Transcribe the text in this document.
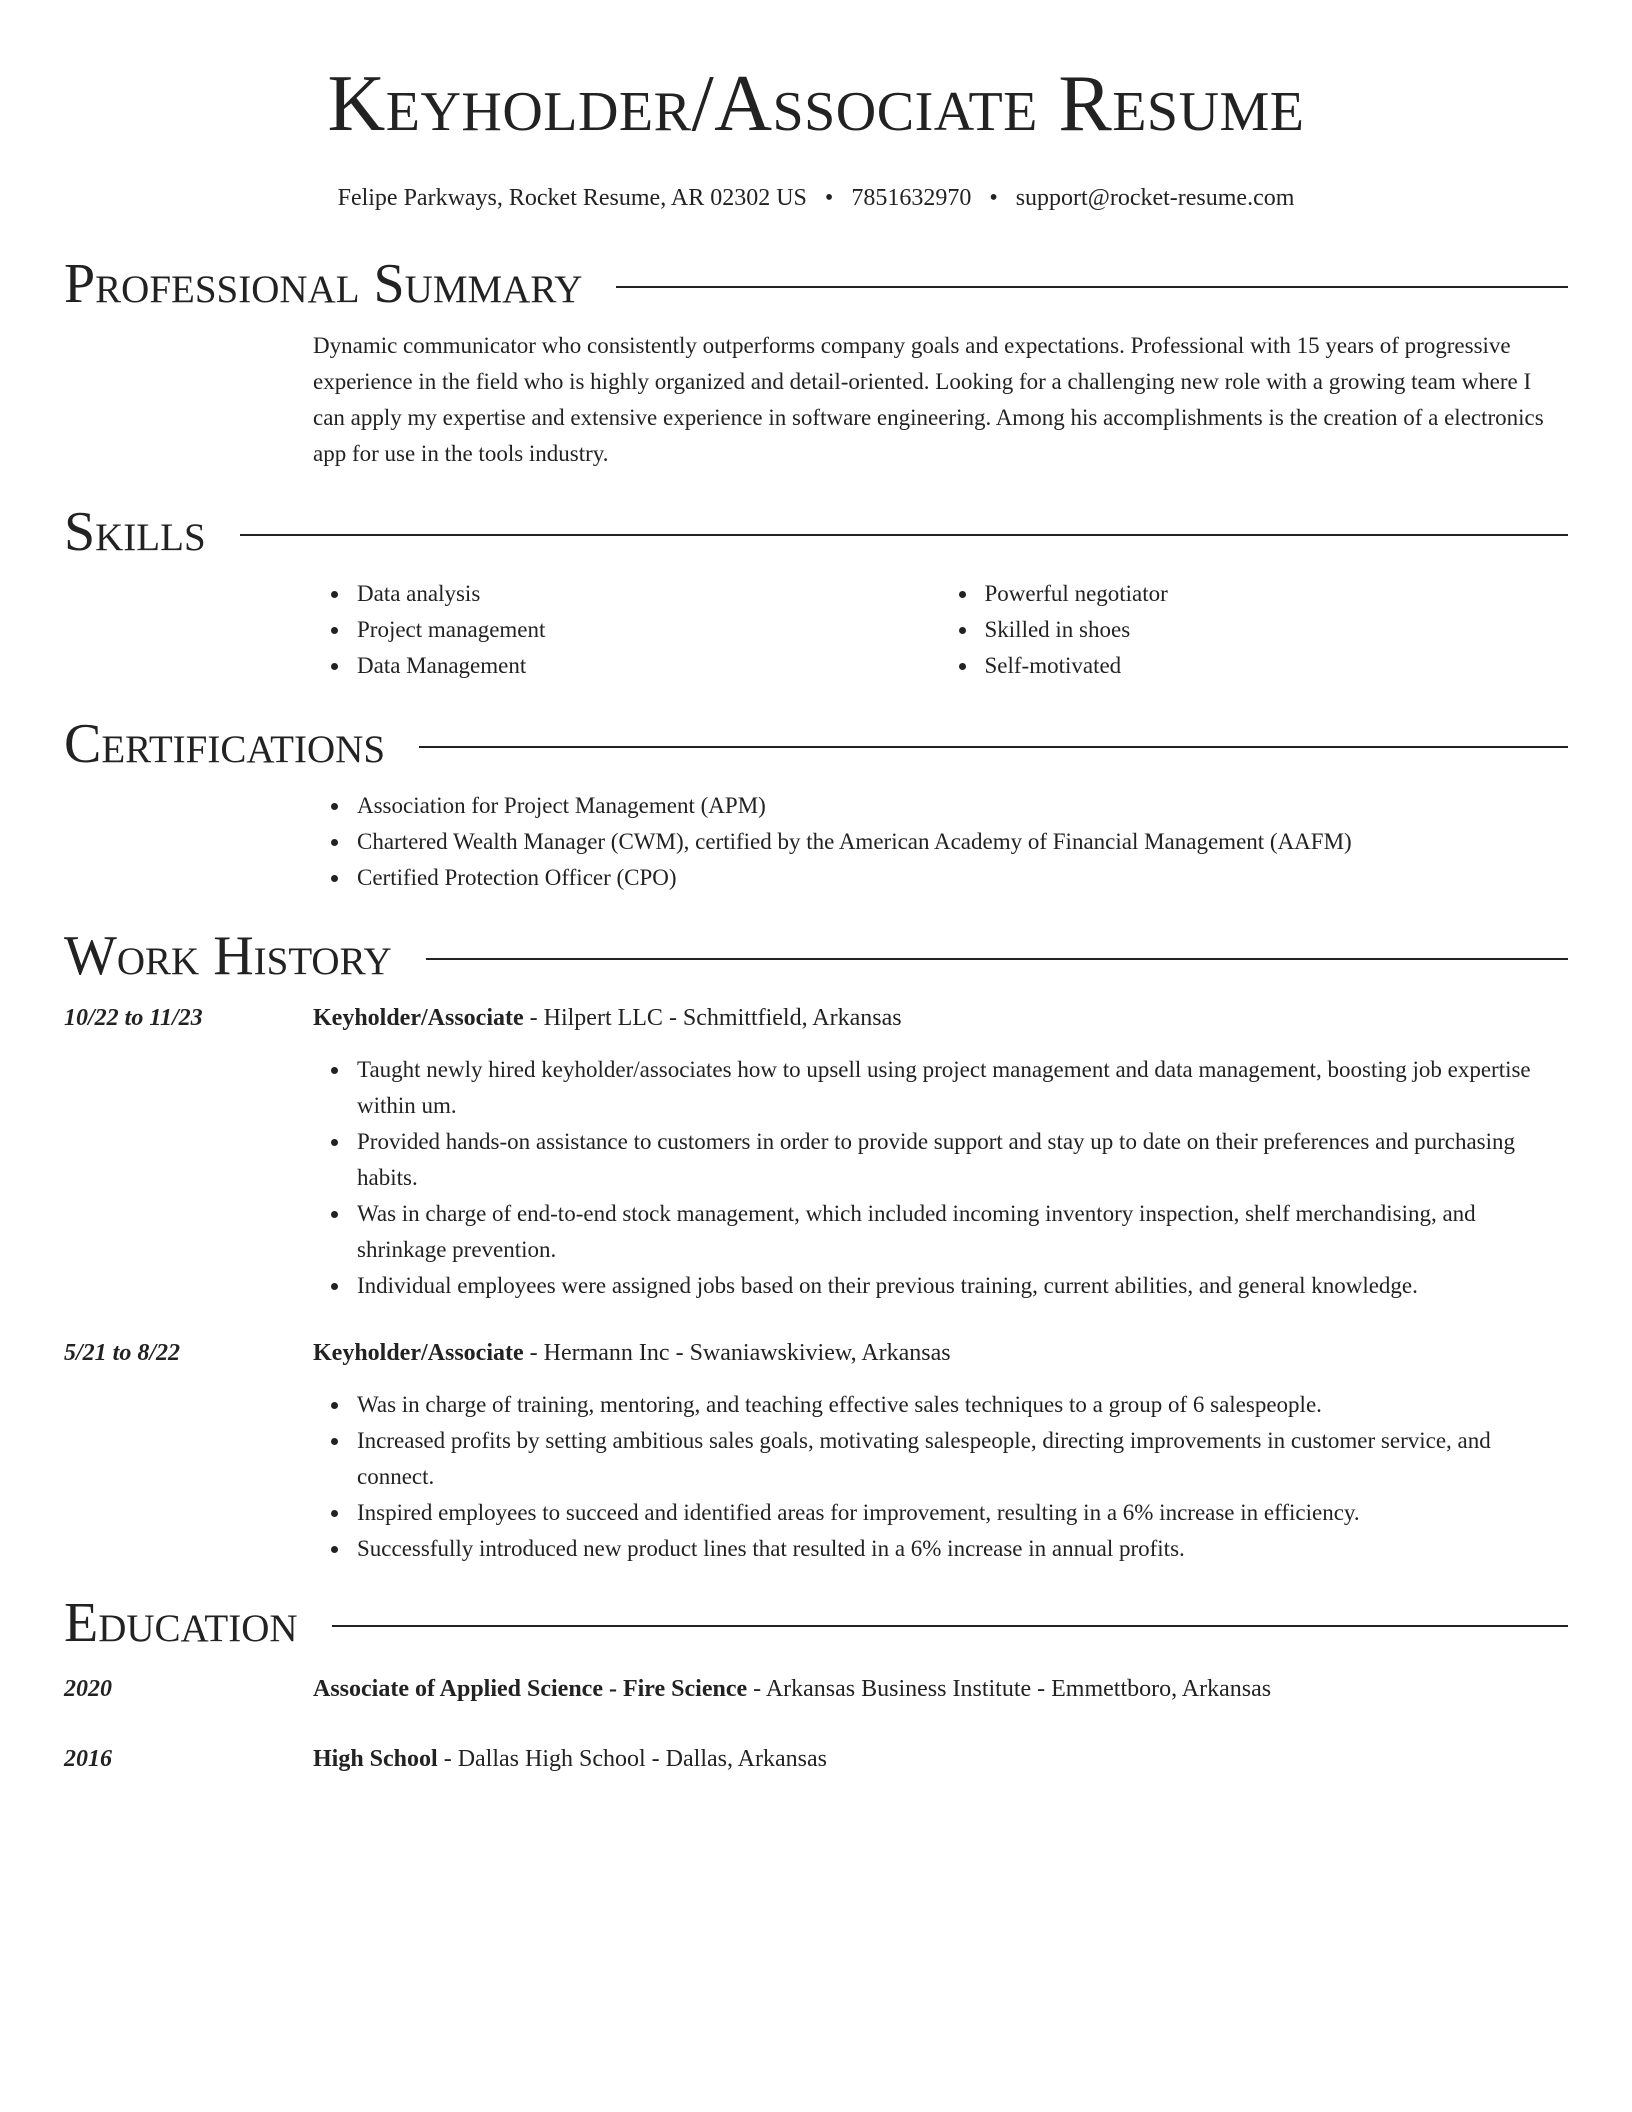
Keyholder/Associate Resume
Felipe Parkways, Rocket Resume, AR 02302 US • 7851632970 • support@rocket-resume.com
Professional Summary

Dynamic communicator who consistently outperforms company goals and expectations. Professional with 15 years of progressive experience in the field who is highly organized and detail-oriented. Looking for a challenging new role with a growing team where I can apply my expertise and extensive experience in software engineering. Among his accomplishments is the creation of a electronics app for use in the tools industry.

Skills
Data analysis
Project management
Data Management
Powerful negotiator
Skilled in shoes
Self-motivated
Certifications
Association for Project Management (APM)
Chartered Wealth Manager (CWM), certified by the American Academy of Financial Management (AAFM)
Certified Protection Officer (CPO)
Work History
10/22 to 11/23	Keyholder/Associate - Hilpert LLC - Schmittfield, Arkansas
Taught newly hired keyholder/associates how to upsell using project management and data management, boosting job expertise within um.
Provided hands-on assistance to customers in order to provide support and stay up to date on their preferences and purchasing habits.
Was in charge of end-to-end stock management, which included incoming inventory inspection, shelf merchandising, and shrinkage prevention.
Individual employees were assigned jobs based on their previous training, current abilities, and general knowledge.
5/21 to 8/22	Keyholder/Associate - Hermann Inc - Swaniawskiview, Arkansas
Was in charge of training, mentoring, and teaching effective sales techniques to a group of 6 salespeople.
Increased profits by setting ambitious sales goals, motivating salespeople, directing improvements in customer service, and connect.
Inspired employees to succeed and identified areas for improvement, resulting in a 6% increase in efficiency.
Successfully introduced new product lines that resulted in a 6% increase in annual profits.
Education
2020	Associate of Applied Science - Fire Science - Arkansas Business Institute - Emmettboro, Arkansas
2016	High School - Dallas High School - Dallas, Arkansas
